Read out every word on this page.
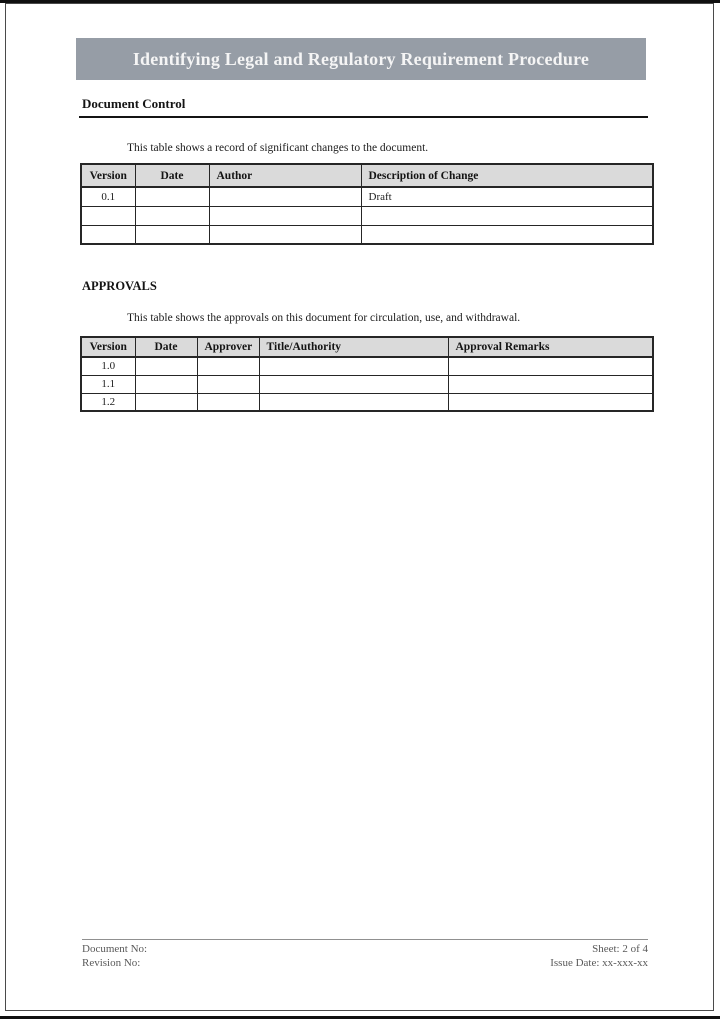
Identifying Legal and Regulatory Requirement Procedure
Document Control

This table shows a record of significant changes to the document.

Version	Date	Author	Description of Change
0.1			Draft

APPROVALS

This table shows the approvals on this document for circulation, use, and withdrawal.

Version	Date	Approver	Title/Authority	Approval Remarks
1.0				
1.1				
1.2				
Document No:
Revision No:
Sheet: 2 of 4
Issue Date: xx-xxx-xx
